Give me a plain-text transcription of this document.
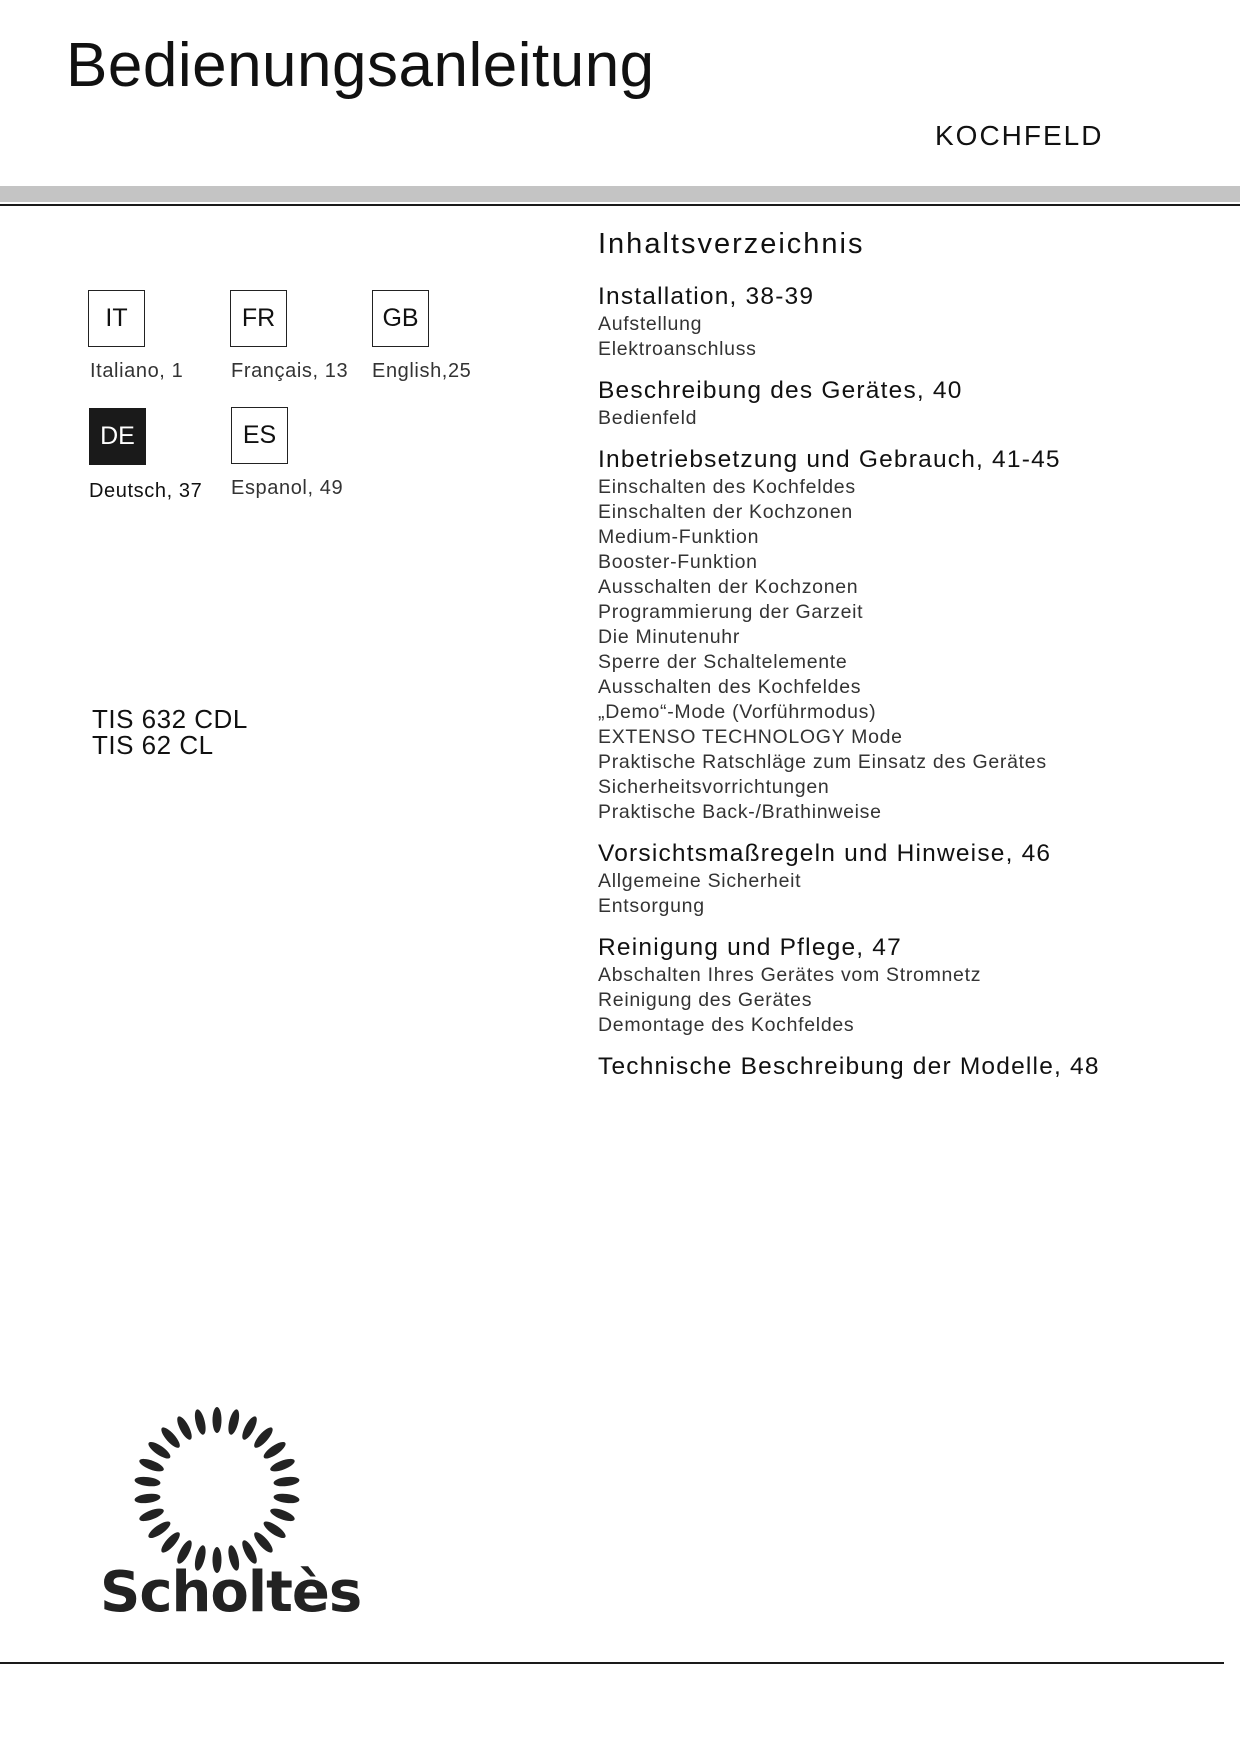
Bedienungsanleitung
KOCHFELD
IT
Italiano, 1
FR
Français, 13
GB
English,25
DE
Deutsch, 37
ES
Espanol, 49
TIS 632 CDL
TIS 62 CL
Inhaltsverzeichnis
Installation, 38-39
Aufstellung
Elektroanschluss
Beschreibung des Gerätes, 40
Bedienfeld
Inbetriebsetzung und Gebrauch, 41-45
Einschalten des Kochfeldes
Einschalten der Kochzonen
Medium-Funktion
Booster-Funktion
Ausschalten der Kochzonen
Programmierung der Garzeit
Die Minutenuhr
Sperre der Schaltelemente
Ausschalten des Kochfeldes
„Demo“-Mode (Vorführmodus)
EXTENSO TECHNOLOGY Mode
Praktische Ratschläge zum Einsatz des Gerätes
Sicherheitsvorrichtungen
Praktische Back-/Brathinweise
Vorsichtsmaßregeln und Hinweise, 46
Allgemeine Sicherheit
Entsorgung
Reinigung und Pflege, 47
Abschalten Ihres Gerätes vom Stromnetz
Reinigung des Gerätes
Demontage des Kochfeldes
Technische Beschreibung der Modelle, 48
Scholtès
